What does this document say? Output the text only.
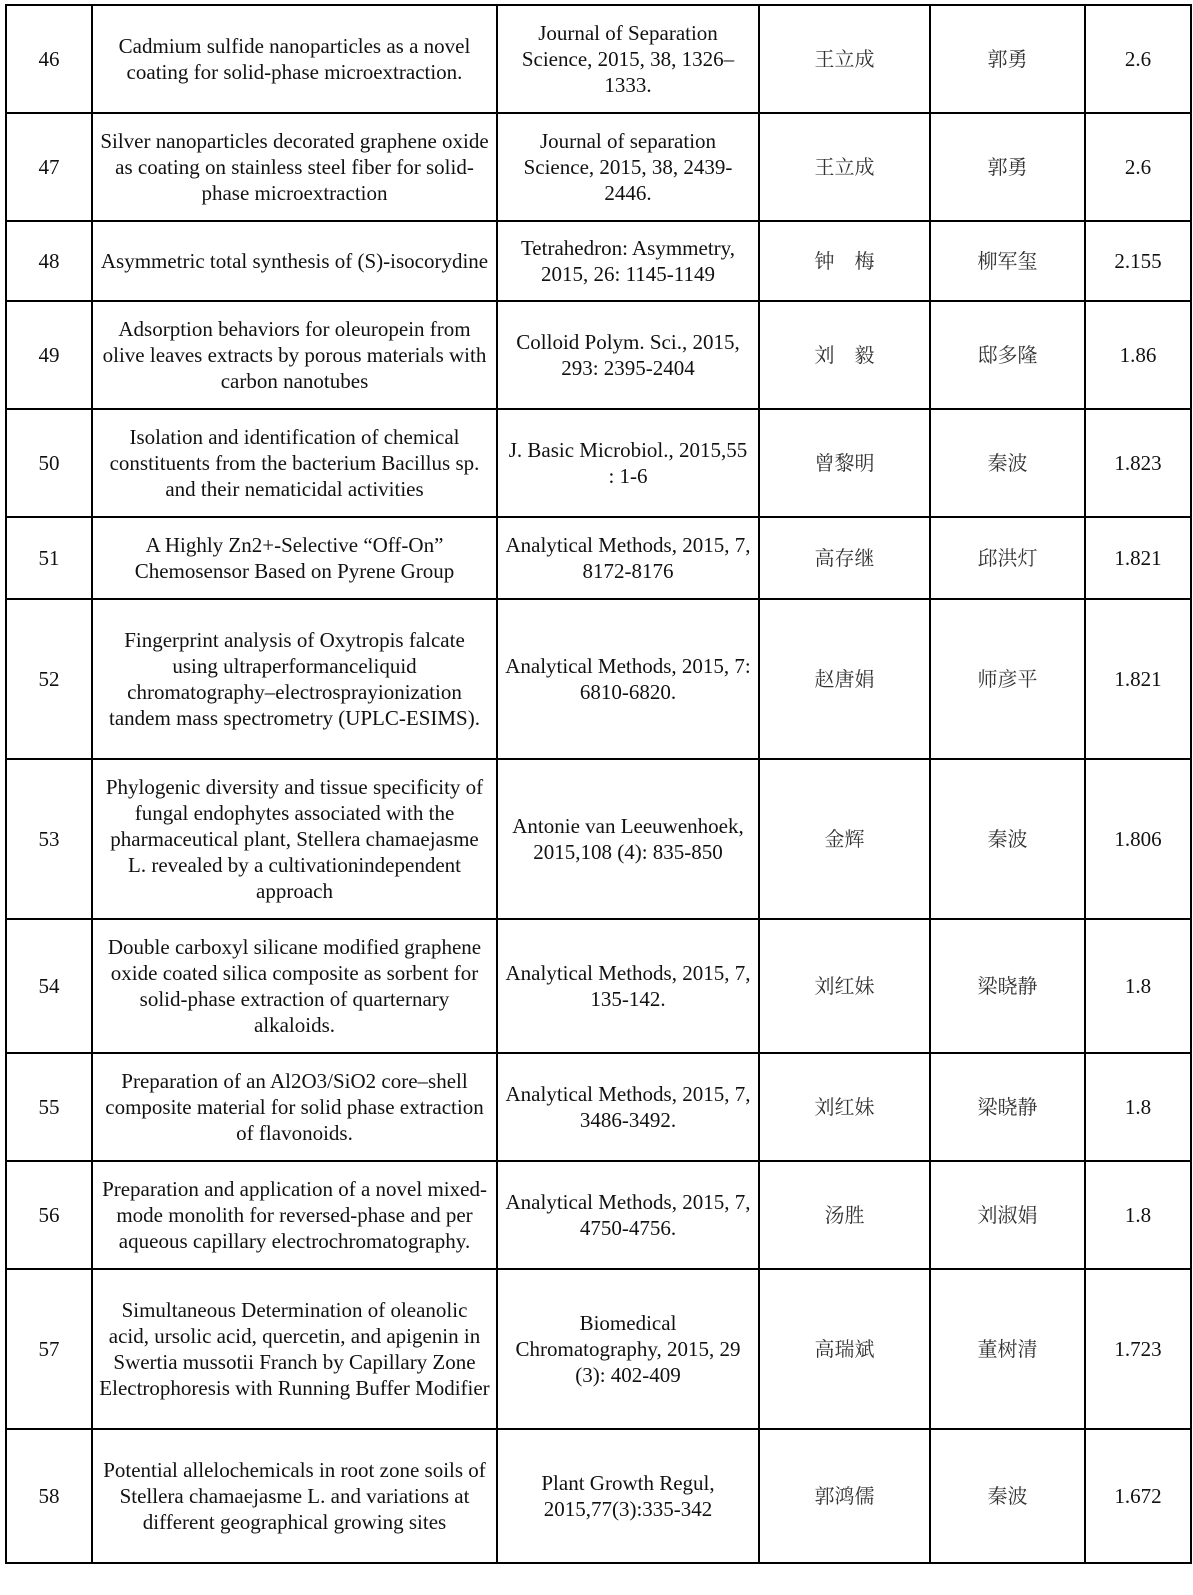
46	Cadmium sulfide nanoparticles as a novel coating for solid-phase microextraction.	Journal of Separation Science, 2015, 38, 1326–1333.	王立成	郭勇	2.6
47	Silver nanoparticles decorated graphene oxide as coating on stainless steel fiber for solid-phase microextraction	Journal of separation Science, 2015, 38, 2439-2446.	王立成	郭勇	2.6
48	Asymmetric total synthesis of (S)-isocorydine	Tetrahedron: Asymmetry, 2015, 26: 1145-1149	钟　梅	柳军玺	2.155
49	Adsorption behaviors for oleuropein from olive leaves extracts by porous materials with carbon nanotubes	Colloid Polym. Sci., 2015, 293: 2395-2404	刘　毅	邸多隆	1.86
50	Isolation and identification of chemical constituents from the bacterium Bacillus sp. and their nematicidal activities	J. Basic Microbiol., 2015,55 : 1-6	曾黎明	秦波	1.823
51	A Highly Zn2+-Selective “Off-On” Chemosensor Based on Pyrene Group	Analytical Methods, 2015, 7, 8172-8176	高存继	邱洪灯	1.821
52	Fingerprint analysis of Oxytropis falcate using ultraperformanceliquid chromatography–electrosprayionization tandem mass spectrometry (UPLC-ESIMS).	Analytical Methods, 2015, 7: 6810-6820.	赵唐娟	师彦平	1.821
53	Phylogenic diversity and tissue specificity of fungal endophytes associated with the pharmaceutical plant, Stellera chamaejasme L. revealed by a cultivationindependent approach	Antonie van Leeuwenhoek, 2015,108 (4): 835-850	金辉	秦波	1.806
54	Double carboxyl silicane modified graphene oxide coated silica composite as sorbent for solid-phase extraction of quarternary alkaloids.	Analytical Methods, 2015, 7, 135-142.	刘红妹	梁晓静	1.8
55	Preparation of an Al2O3/SiO2 core–shell composite material for solid phase extraction of flavonoids.	Analytical Methods, 2015, 7, 3486-3492.	刘红妹	梁晓静	1.8
56	Preparation and application of a novel mixed-mode monolith for reversed-phase and per aqueous capillary electrochromatography.	Analytical Methods, 2015, 7, 4750-4756.	汤胜	刘淑娟	1.8
57	Simultaneous Determination of oleanolic acid, ursolic acid, quercetin, and apigenin in Swertia mussotii Franch by Capillary Zone Electrophoresis with Running Buffer Modifier	Biomedical Chromatography, 2015, 29 (3): 402-409	高瑞斌	董树清	1.723
58	Potential allelochemicals in root zone soils of Stellera chamaejasme L. and variations at different geographical growing sites	Plant Growth Regul, 2015,77(3):335-342	郭鸿儒	秦波	1.672
